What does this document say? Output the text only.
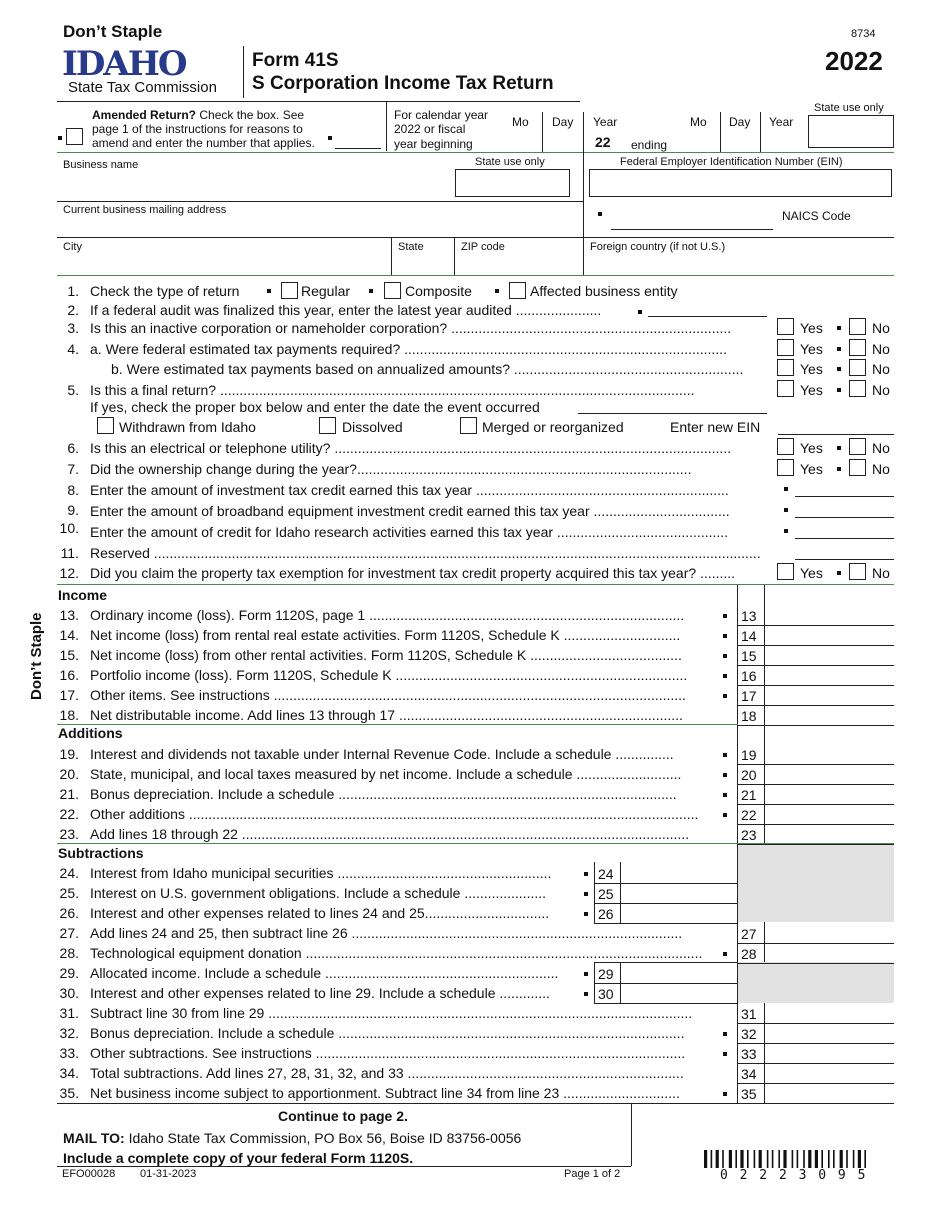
Don’t Staple
IDAHO
State Tax Commission
Form 41S
S Corporation Income Tax Return
8734
2022
Amended Return? Check the box. See
page 1 of the instructions for reasons to
amend and enter the number that applies.
For calendar year
2022 or fiscal
year beginning
Mo Day Year
22 ending
Mo Day Year
State use only
Business name	State use only	Federal Employer Identification Number (EIN)
Current business mailing address	NAICS Code
City	State	ZIP code	Foreign country (if not U.S.)
1. Check the type of return	Regular	Composite	Affected business entity
2. If a federal audit was finalized this year, enter the latest year audited ......................
3. Is this an inactive corporation or nameholder corporation? ........................................................................	Yes	No
4. a. Were federal estimated tax payments required? ...................................................................................	Yes	No
b. Were estimated tax payments based on annualized amounts? ...........................................................	Yes	No
5. Is this a final return? ..........................................................................................................................	Yes	No
If yes, check the proper box below and enter the date the event occurred
Withdrawn from Idaho	Dissolved	Merged or reorganized	Enter new EIN
6. Is this an electrical or telephone utility? ......................................................................................................	Yes	No
7. Did the ownership change during the year?......................................................................................	Yes	No
8. Enter the amount of investment tax credit earned this tax year .................................................................
9. Enter the amount of broadband equipment investment credit earned this tax year ...................................
10. Enter the amount of credit for Idaho research activities earned this tax year ............................................
11. Reserved ............................................................................................................................................................
12. Did you claim the property tax exemption for investment tax credit property acquired this tax year? .........	Yes	No
Don’t Staple
Income
Additions
Subtractions
13. Ordinary income (loss). Form 1120S, page 1 .................................................................................	13
14. Net income (loss) from rental real estate activities. Form 1120S, Schedule K ..............................	14
15. Net income (loss) from other rental activities. Form 1120S, Schedule K .......................................	15
16. Portfolio income (loss). Form 1120S, Schedule K ...........................................................................	16
17. Other items. See instructions ..........................................................................................................	17
18. Net distributable income. Add lines 13 through 17 .........................................................................	18
19. Interest and dividends not taxable under Internal Revenue Code. Include a schedule ...............	19
20. State, municipal, and local taxes measured by net income. Include a schedule ...........................	20
21. Bonus depreciation. Include a schedule .......................................................................................	21
22. Other additions ...................................................................................................................................	22
23. Add lines 18 through 22 ...................................................................................................................	23
24. Interest from Idaho municipal securities .......................................................	24
25. Interest on U.S. government obligations. Include a schedule .....................	25
26. Interest and other expenses related to lines 24 and 25................................	26
27. Add lines 24 and 25, then subtract line 26 .....................................................................................	27
28. Technological equipment donation ......................................................................................................	28
29. Allocated income. Include a schedule ............................................................	29
30. Interest and other expenses related to line 29. Include a schedule .............	30
31. Subtract line 30 from line 29 .............................................................................................................	31
32. Bonus depreciation. Include a schedule .........................................................................................	32
33. Other subtractions. See instructions ...............................................................................................	33
34. Total subtractions. Add lines 27, 28, 31, 32, and 33 .......................................................................	34
35. Net business income subject to apportionment. Subtract line 34 from line 23 ..............................	35
Continue to page 2.
MAIL TO: Idaho State Tax Commission, PO Box 56, Boise ID 83756-0056
Include a complete copy of your federal Form 1120S.
EFO00028 01-31-2023	Page 1 of 2	0 2 2 2 3 0 9 5
